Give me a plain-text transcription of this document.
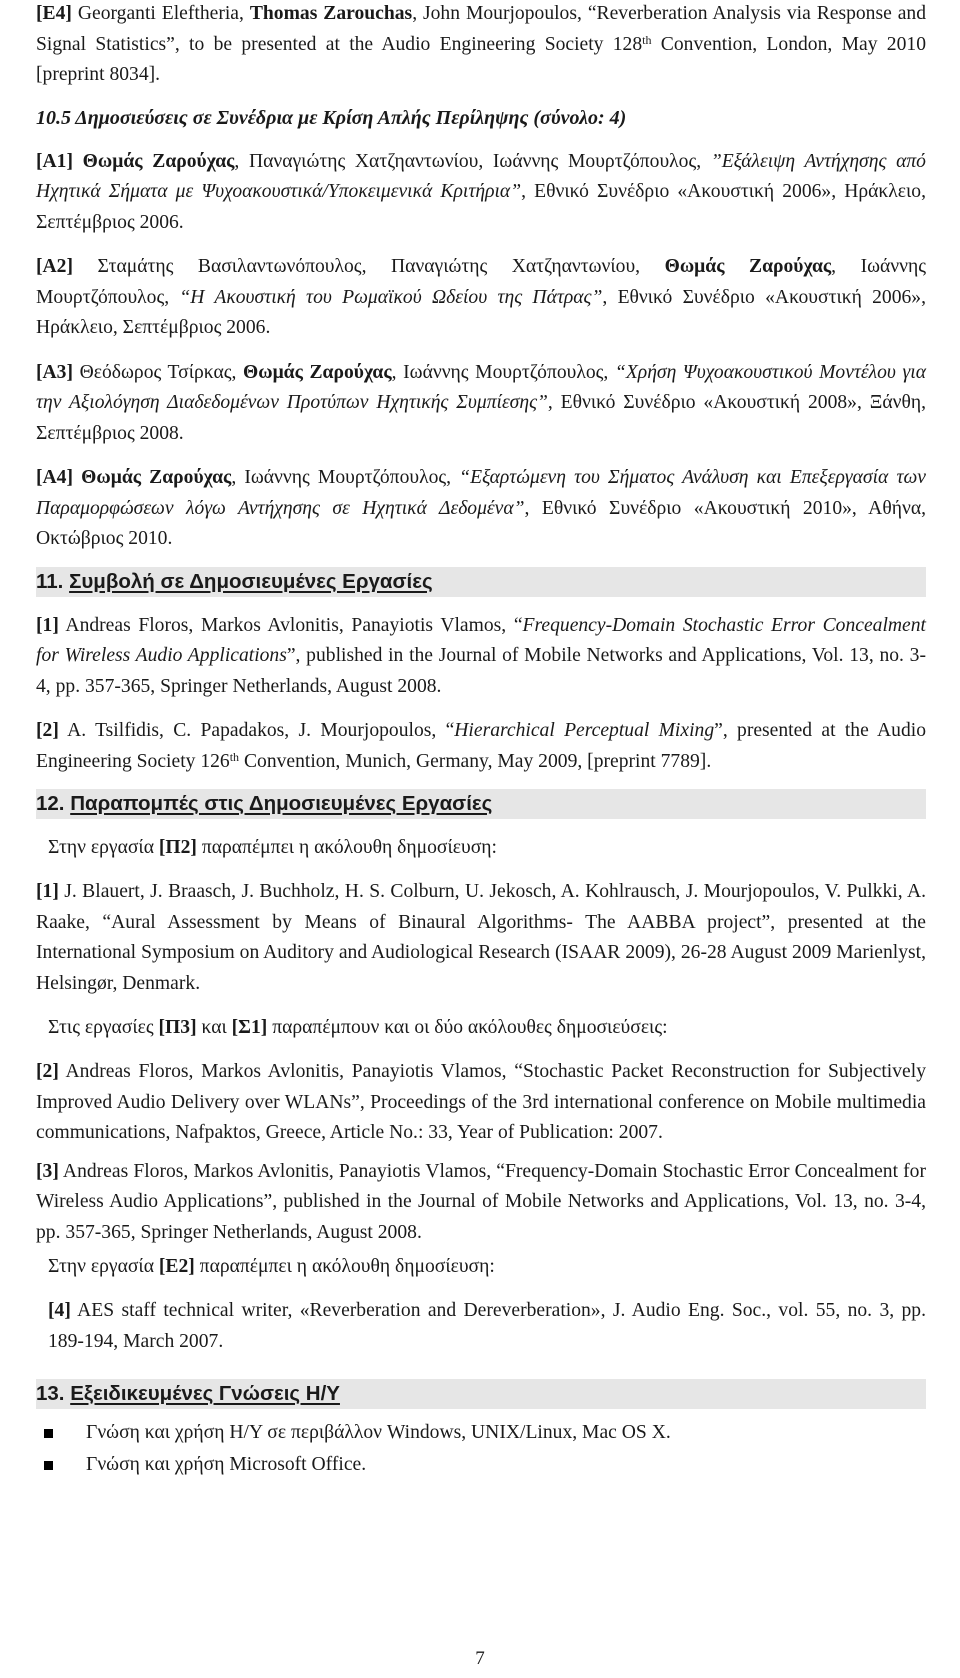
[E4] Georganti Eleftheria, Thomas Zarouchas, John Mourjopoulos, “Reverberation Analysis via Response and Signal Statistics”, to be presented at the Audio Engineering Society 128th Convention, London, May 2010 [preprint 8034].

10.5 Δημοσιεύσεις σε Συνέδρια με Κρίση Απλής Περίληψης (σύνολο: 4)

[A1] Θωμάς Ζαρούχας, Παναγιώτης Χατζηαντωνίου, Ιωάννης Μουρτζόπουλος, ”Εξάλειψη Αντήχησης από Ηχητικά Σήματα με Ψυχοακουστικά/Υποκειμενικά Κριτήρια”, Εθνικό Συνέδριο «Ακουστική 2006», Ηράκλειο, Σεπτέμβριος 2006.

[A2] Σταμάτης Βασιλαντωνόπουλος, Παναγιώτης Χατζηαντωνίου, Θωμάς Ζαρούχας, Ιωάννης Μουρτζόπουλος, “Η Ακουστική του Ρωμαϊκού Ωδείου της Πάτρας”, Εθνικό Συνέδριο «Ακουστική 2006», Ηράκλειο, Σεπτέμβριος 2006.

[A3] Θεόδωρος Τσίρκας, Θωμάς Ζαρούχας, Ιωάννης Μουρτζόπουλος, “Χρήση Ψυχοακουστικού Μοντέλου για την Αξιολόγηση Διαδεδομένων Προτύπων Ηχητικής Συμπίεσης”, Εθνικό Συνέδριο «Ακουστική 2008», Ξάνθη, Σεπτέμβριος 2008.

[A4] Θωμάς Ζαρούχας, Ιωάννης Μουρτζόπουλος, “Εξαρτώμενη του Σήματος Ανάλυση και Επεξεργασία των Παραμορφώσεων λόγω Αντήχησης σε Ηχητικά Δεδομένα”, Εθνικό Συνέδριο «Ακουστική 2010», Αθήνα, Οκτώβριος 2010.

11. Συμβολή σε Δημοσιευμένες Εργασίες

[1] Andreas Floros, Markos Avlonitis, Panayiotis Vlamos, “Frequency-Domain Stochastic Error Concealment for Wireless Audio Applications”, published in the Journal of Mobile Networks and Applications, Vol. 13, no. 3-4, pp. 357-365, Springer Netherlands, August 2008.

[2] A. Tsilfidis, C. Papadakos, J. Mourjopoulos, “Hierarchical Perceptual Mixing”, presented at the Audio Engineering Society 126th Convention, Munich, Germany, May 2009, [preprint 7789].

12. Παραπομπές στις Δημοσιευμένες Εργασίες
Στην εργασία [Π2] παραπέμπει η ακόλουθη δημοσίευση:

[1] J. Blauert, J. Braasch, J. Buchholz, H. S. Colburn, U. Jekosch, A. Kohlrausch, J. Mourjopoulos, V. Pulkki, A. Raake, “Aural Assessment by Means of Binaural Algorithms- The AABBA project”, presented at the International Symposium on Auditory and Audiological Research (ISAAR 2009), 26-28 August 2009 Marienlyst, Helsingør, Denmark.

Στις εργασίες [Π3] και [Σ1] παραπέμπουν και οι δύο ακόλουθες δημοσιεύσεις:

[2] Andreas Floros, Markos Avlonitis, Panayiotis Vlamos, “Stochastic Packet Reconstruction for Subjectively Improved Audio Delivery over WLANs”, Proceedings of the 3rd international conference on Mobile multimedia communications, Nafpaktos, Greece, Article No.: 33, Year of Publication: 2007.

[3] Andreas Floros, Markos Avlonitis, Panayiotis Vlamos, “Frequency-Domain Stochastic Error Concealment for Wireless Audio Applications”, published in the Journal of Mobile Networks and Applications, Vol. 13, no. 3-4, pp. 357-365, Springer Netherlands, August 2008.

Στην εργασία [Ε2] παραπέμπει η ακόλουθη δημοσίευση:

[4] AES staff technical writer, «Reverberation and Dereverberation», J. Audio Eng. Soc., vol. 55, no. 3, pp. 189-194, March 2007.

13. Εξειδικευμένες Γνώσεις Η/Υ
Γνώση και χρήση Η/Υ σε περιβάλλον Windows, UNIX/Linux, Mac OS X.
Γνώση και χρήση Microsoft Office.
7
